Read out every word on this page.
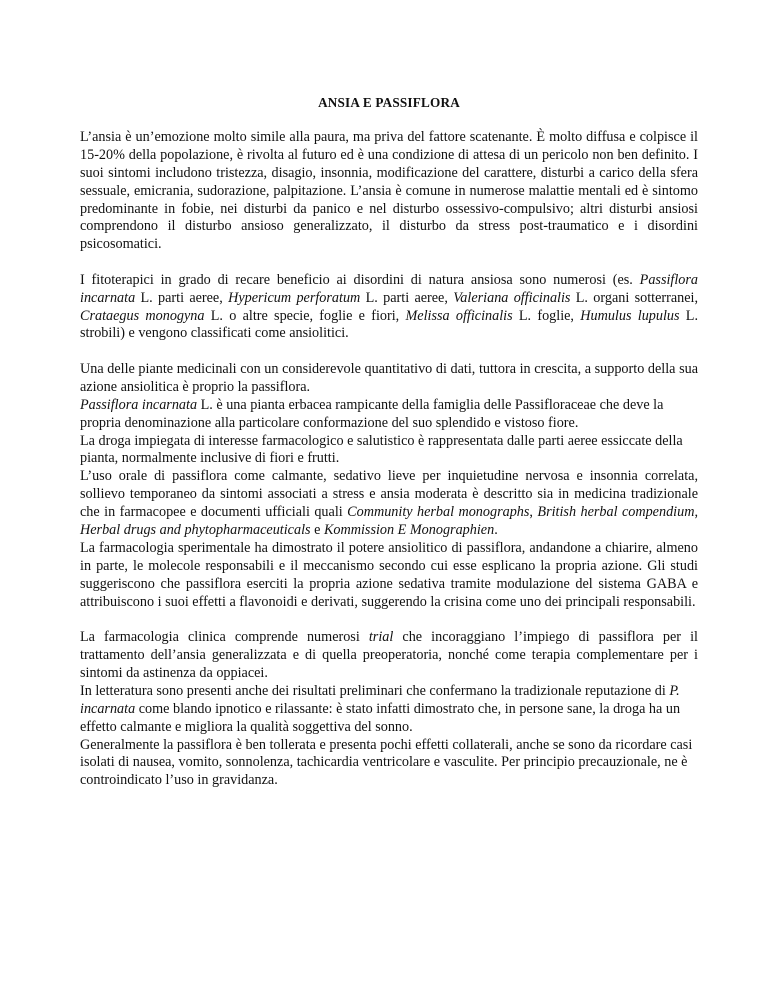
ANSIA E PASSIFLORA

L’ansia è un’emozione molto simile alla paura, ma priva del fattore scatenante. È molto diffusa e colpisce il 15-20% della popolazione, è rivolta al futuro ed è una condizione di attesa di un pericolo non ben definito. I suoi sintomi includono tristezza, disagio, insonnia, modificazione del carattere, disturbi a carico della sfera sessuale, emicrania, sudorazione, palpitazione. L’ansia è comune in numerose malattie mentali ed è sintomo predominante in fobie, nei disturbi da panico e nel disturbo ossessivo-compulsivo; altri disturbi ansiosi comprendono il disturbo ansioso generalizzato, il disturbo da stress post-traumatico e i disordini psicosomatici.

I fitoterapici in grado di recare beneficio ai disordini di natura ansiosa sono numerosi (es. Passiflora incarnata L. parti aeree, Hypericum perforatum L. parti aeree, Valeriana officinalis L. organi sotterranei, Crataegus monogyna L. o altre specie, foglie e fiori, Melissa officinalis L. foglie, Humulus lupulus L. strobili) e vengono classificati come ansiolitici.

Una delle piante medicinali con un considerevole quantitativo di dati, tuttora in crescita, a supporto della sua azione ansiolitica è proprio la passiflora.

Passiflora incarnata L. è una pianta erbacea rampicante della famiglia delle Passifloraceae che deve la propria denominazione alla particolare conformazione del suo splendido e vistoso fiore.

La droga impiegata di interesse farmacologico e salutistico è rappresentata dalle parti aeree essiccate della pianta, normalmente inclusive di fiori e frutti.

L’uso orale di passiflora come calmante, sedativo lieve per inquietudine nervosa e insonnia correlata, sollievo temporaneo da sintomi associati a stress e ansia moderata è descritto sia in medicina tradizionale che in farmacopee e documenti ufficiali quali Community herbal monographs, British herbal compendium, Herbal drugs and phytopharmaceuticals e Kommission E Monographien.

La farmacologia sperimentale ha dimostrato il potere ansiolitico di passiflora, andandone a chiarire, almeno in parte, le molecole responsabili e il meccanismo secondo cui esse esplicano la propria azione. Gli studi suggeriscono che passiflora eserciti la propria azione sedativa tramite modulazione del sistema GABA e attribuiscono i suoi effetti a flavonoidi e derivati, suggerendo la crisina come uno dei principali responsabili.

La farmacologia clinica comprende numerosi trial che incoraggiano l’impiego di passiflora per il trattamento dell’ansia generalizzata e di quella preoperatoria, nonché come terapia complementare per i sintomi da astinenza da oppiacei.

In letteratura sono presenti anche dei risultati preliminari che confermano la tradizionale reputazione di P. incarnata come blando ipnotico e rilassante: è stato infatti dimostrato che, in persone sane, la droga ha un effetto calmante e migliora la qualità soggettiva del sonno.

Generalmente la passiflora è ben tollerata e presenta pochi effetti collaterali, anche se sono da ricordare casi isolati di nausea, vomito, sonnolenza, tachicardia ventricolare e vasculite. Per principio precauzionale, ne è controindicato l’uso in gravidanza.
